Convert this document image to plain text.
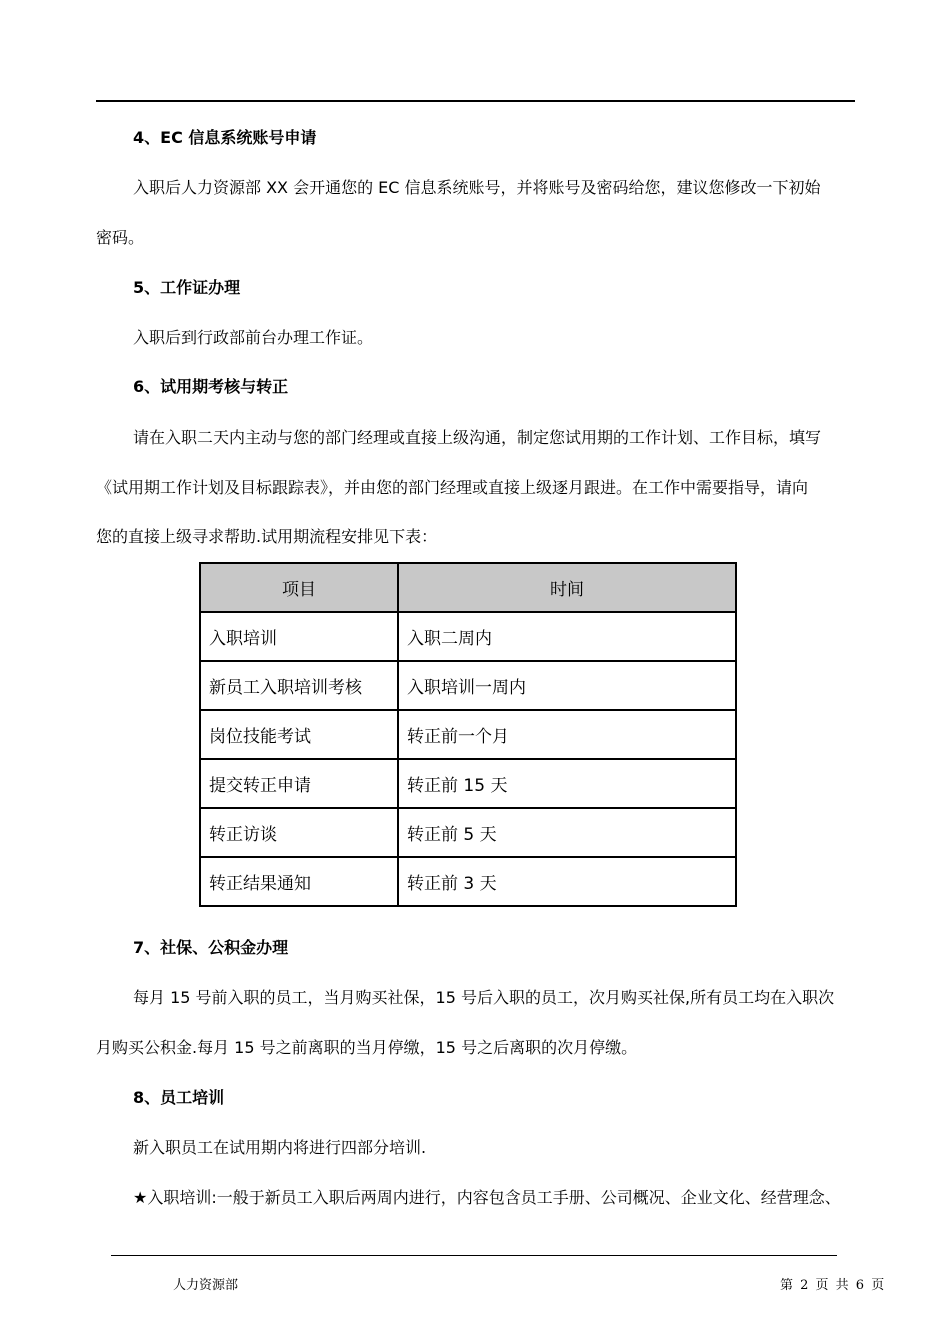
4、EC 信息系统账号申请

入职后人力资源部 XX 会开通您的 EC 信息系统账号，并将账号及密码给您，建议您修改一下初始

密码。

5、工作证办理

入职后到行政部前台办理工作证。

6、试用期考核与转正

请在入职二天内主动与您的部门经理或直接上级沟通，制定您试用期的工作计划、工作目标，填写

《试用期工作计划及目标跟踪表》，并由您的部门经理或直接上级逐月跟进。在工作中需要指导，请向

您的直接上级寻求帮助.试用期流程安排见下表：

项目	时间
入职培训	入职二周内
新员工入职培训考核	入职培训一周内
岗位技能考试	转正前一个月
提交转正申请	转正前 15 天
转正访谈	转正前 5 天
转正结果通知	转正前 3 天

7、社保、公积金办理

每月 15 号前入职的员工，当月购买社保，15 号后入职的员工，次月购买社保,所有员工均在入职次

月购买公积金.每月 15 号之前离职的当月停缴，15 号之后离职的次月停缴。

8、员工培训

新入职员工在试用期内将进行四部分培训.

★入职培训:一般于新员工入职后两周内进行，内容包含员工手册、公司概况、企业文化、经营理念、

人力资源部	第 2 页 共 6 页
